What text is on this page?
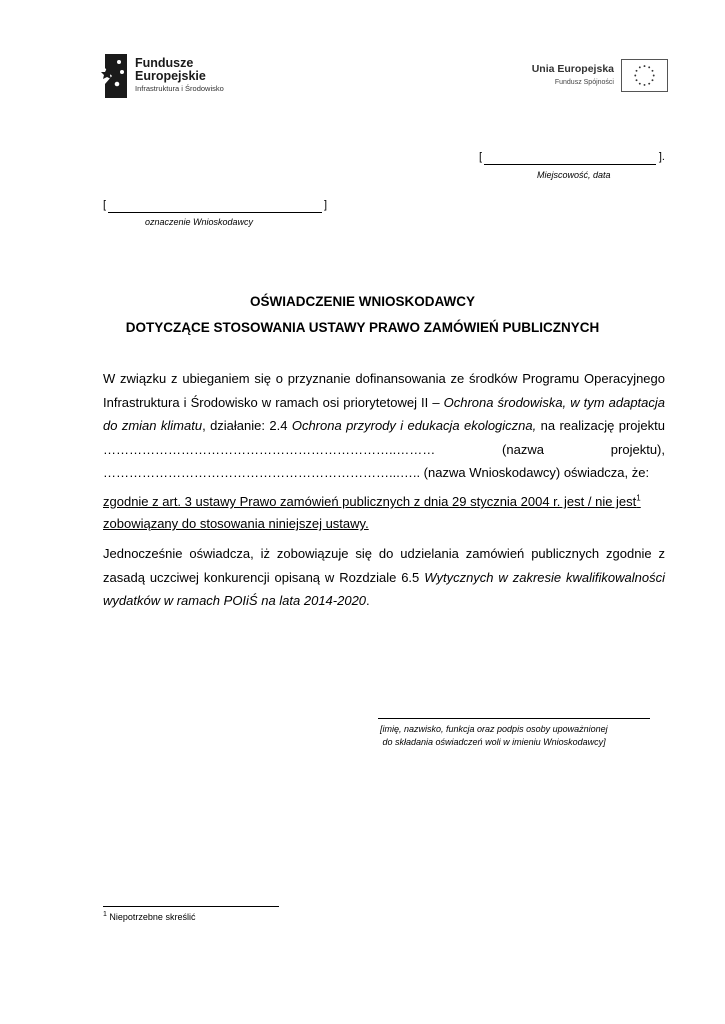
Fundusze
Europejskie
Infrastruktura i Środowisko
Unia Europejska
Fundusz Spójności
[	].
Miejscowość, data
[	]
oznaczenie Wnioskodawcy
OŚWIADCZENIE WNIOSKODAWCY
DOTYCZĄCE STOSOWANIA USTAWY PRAWO ZAMÓWIEŃ PUBLICZNYCH

W związku z ubieganiem się o przyznanie dofinansowania ze środków Programu Operacyjnego Infrastruktura i Środowisko w ramach osi priorytetowej II – Ochrona środowiska, w tym adaptacja do zmian klimatu, działanie: 2.4 Ochrona przyrody i edukacja ekologiczna, na realizację projektu …………………………………………………………..……… (nazwa projektu), …………………………………………………………...….. (nazwa Wnioskodawcy) oświadcza, że:

zgodnie z art. 3 ustawy Prawo zamówień publicznych z dnia 29 stycznia 2004 r. jest / nie jest$^1$
zobowiązany do stosowania niniejszej ustawy.

Jednocześnie oświadcza, iż zobowiązuje się do udzielania zamówień publicznych zgodnie z zasadą uczciwej konkurencji opisaną w Rozdziale 6.5 Wytycznych w zakresie kwalifikowalności wydatków w ramach POIiŚ na lata 2014-2020.

[imię, nazwisko, funkcja oraz podpis osoby upoważnionej
do składania oświadczeń woli w imieniu Wnioskodawcy]
$^1$ Niepotrzebne skreślić
